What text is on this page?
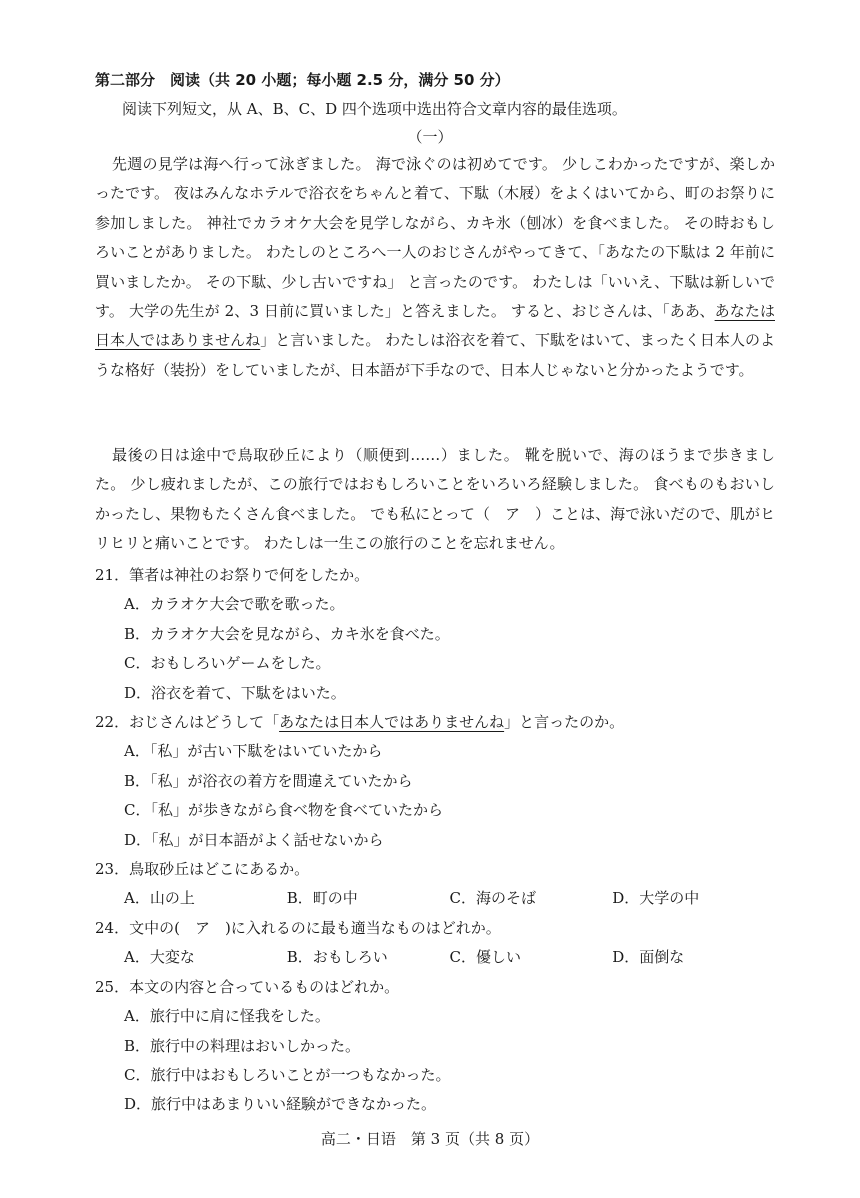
第二部分　阅读（共 20 小题；每小题 2.5 分，满分 50 分）
阅读下列短文，从 A、B、C、D 四个选项中选出符合文章内容的最佳选项。
（一）

先週の見学は海へ行って泳ぎました。 海で泳ぐのは初めてです。 少しこわかったですが、楽しかったです。 夜はみんなホテルで浴衣をちゃんと着て、下駄（木屐）をよくはいてから、町のお祭りに参加しました。 神社でカラオケ大会を見学しながら、カキ氷（刨冰）を食べました。 その時おもしろいことがありました。 わたしのところへ一人のおじさんがやってきて、「あなたの下駄は 2 年前に買いましたか。 その下駄、少し古いですね」 と言ったのです。 わたしは「いいえ、下駄は新しいです。 大学の先生が 2、3 日前に買いました」と答えました。 すると、おじさんは、「ああ、あなたは日本人ではありませんね」と言いました。 わたしは浴衣を着て、下駄をはいて、まったく日本人のような格好（装扮）をしていましたが、日本語が下手なので、日本人じゃないと分かったようです。

最後の日は途中で鳥取砂丘により（顺便到……）ました。 靴を脱いで、海のほうまで歩きました。 少し疲れましたが、この旅行ではおもしろいことをいろいろ経験しました。 食べものもおいしかったし、果物もたくさん食べました。 でも私にとって（　ア　）ことは、海で泳いだので、肌がヒリヒリと痛いことです。 わたしは一生この旅行のことを忘れません。

21．筆者は神社のお祭りで何をしたか。
A．カラオケ大会で歌を歌った。
B．カラオケ大会を見ながら、カキ氷を食べた。
C．おもしろいゲームをした。
D．浴衣を着て、下駄をはいた。
22．おじさんはどうして「あなたは日本人ではありませんね」と言ったのか。
A．「私」が古い下駄をはいていたから
B．「私」が浴衣の着方を間違えていたから
C．「私」が歩きながら食べ物を食べていたから
D．「私」が日本語がよく話せないから
23．鳥取砂丘はどこにあるか。
A．山の上	B．町の中	C．海のそば	D．大学の中
24．文中の(　ア　)に入れるのに最も適当なものはどれか。
A．大変な	B．おもしろい	C．優しい	D．面倒な
25．本文の内容と合っているものはどれか。
A．旅行中に肩に怪我をした。
B．旅行中の料理はおいしかった。
C．旅行中はおもしろいことが一つもなかった。
D．旅行中はあまりいい経験ができなかった。
高二・日语　第 3 页（共 8 页）
